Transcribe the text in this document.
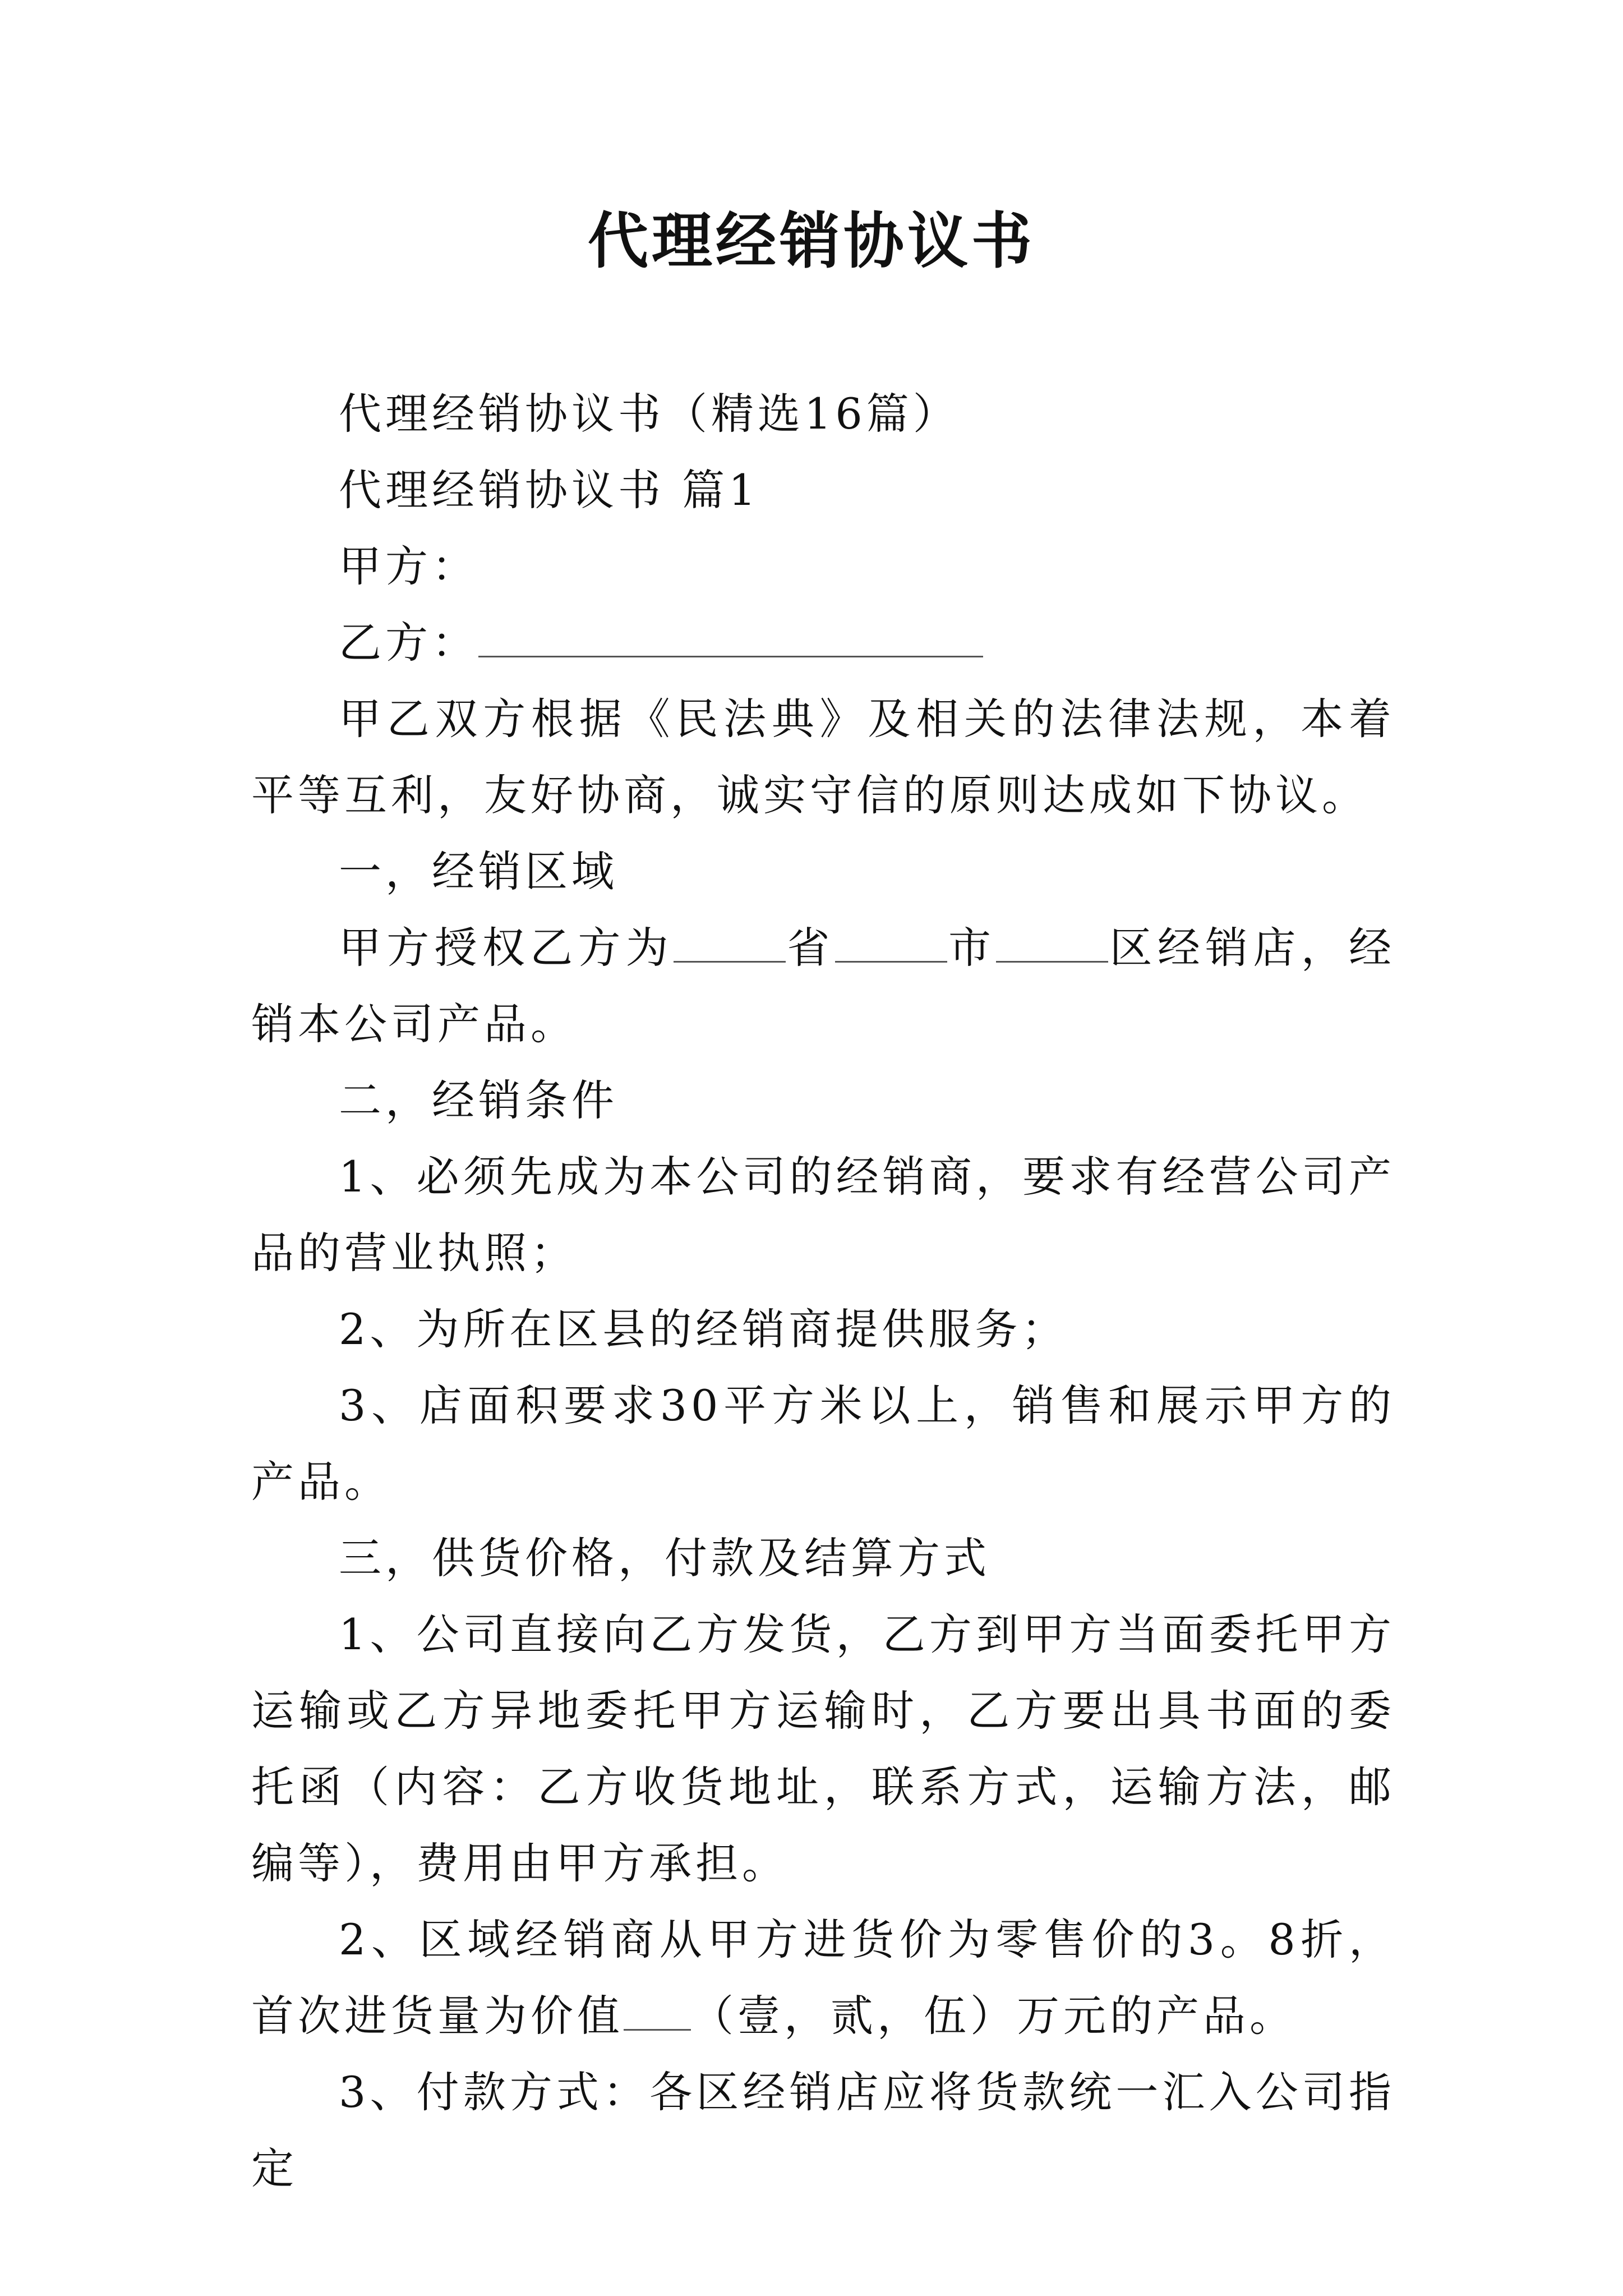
代理经销协议书

代理经销协议书（精选16篇）

代理经销协议书 篇1

甲方：

乙方：

甲乙双方根据《民法典》及相关的法律法规，本着平等互利，友好协商，诚实守信的原则达成如下协议。

一，经销区域

甲方授权乙方为	省	市	区经销店，经销本公司产品。

二，经销条件

1、必须先成为本公司的经销商，要求有经营公司产品的营业执照；

2、为所在区县的经销商提供服务；

3、店面积要求30平方米以上，销售和展示甲方的产品。

三，供货价格，付款及结算方式

1、公司直接向乙方发货，乙方到甲方当面委托甲方运输或乙方异地委托甲方运输时，乙方要出具书面的委托函（内容：乙方收货地址，联系方式，运输方法，邮编等），费用由甲方承担。

2、区域经销商从甲方进货价为零售价的3。8折，首次进货量为价值 （壹，贰，伍）万元的产品。

3、付款方式：各区经销店应将货款统一汇入公司指定
